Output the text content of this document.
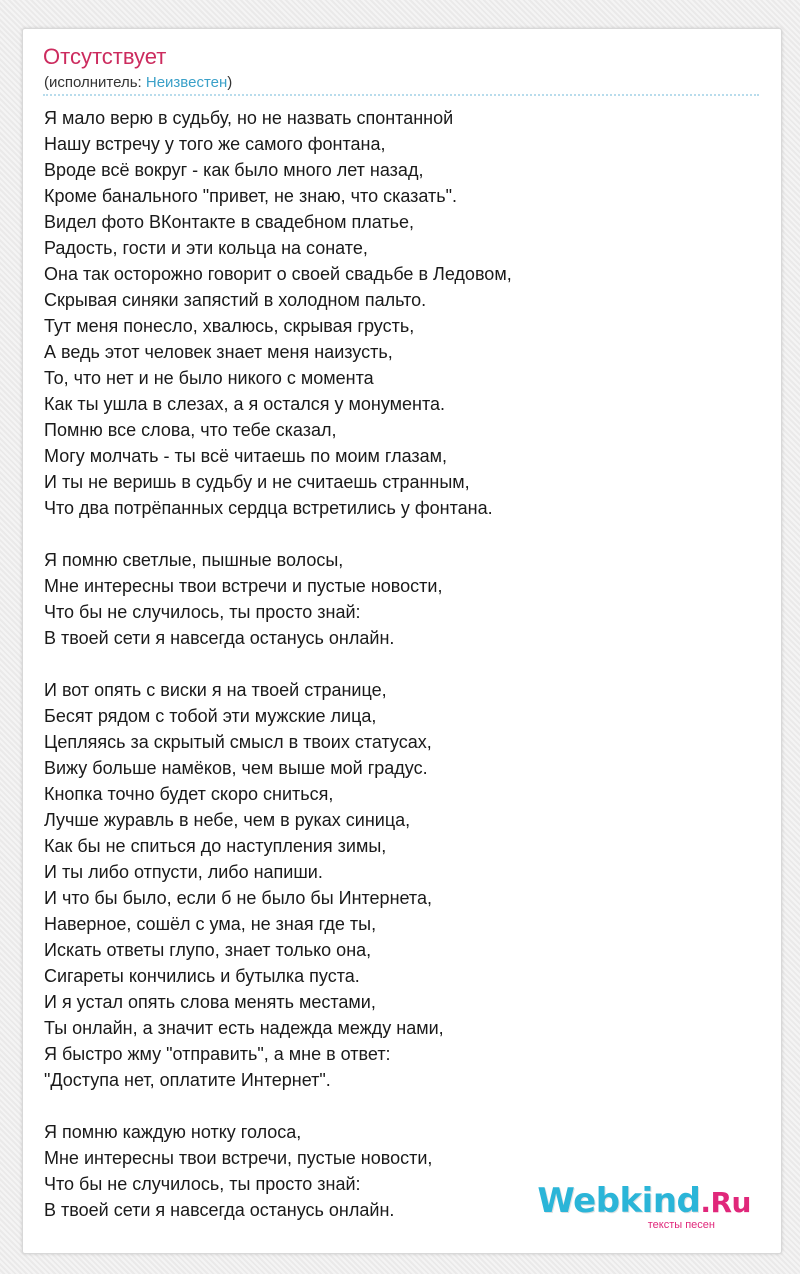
Отсутствует
(исполнитель: Неизвестен)
Я мало верю в судьбу, но не назвать спонтанной
Нашу встречу у того же самого фонтана,
Вроде всё вокруг - как было много лет назад,
Кроме банального "привет, не знаю, что сказать".
Видел фото ВКонтакте в свадебном платье,
Радость, гости и эти кольца на сонате,
Она так осторожно говорит о своей свадьбе в Ледовом,
Скрывая синяки запястий в холодном пальто.
Тут меня понесло, хвалюсь, скрывая грусть,
А ведь этот человек знает меня наизусть,
То, что нет и не было никого с момента
Как ты ушла в слезах, а я остался у монумента.
Помню все слова, что тебе сказал,
Могу молчать - ты всё читаешь по моим глазам,
И ты не веришь в судьбу и не считаешь странным,
Что два потрёпанных сердца встретились у фонтана.
Я помню светлые, пышные волосы,
Мне интересны твои встречи и пустые новости,
Что бы не случилось, ты просто знай:
В твоей сети я навсегда останусь онлайн.
И вот опять с виски я на твоей странице,
Бесят рядом с тобой эти мужские лица,
Цепляясь за скрытый смысл в твоих статусах,
Вижу больше намёков, чем выше мой градус.
Кнопка точно будет скоро сниться,
Лучше журавль в небе, чем в руках синица,
Как бы не спиться до наступления зимы,
И ты либо отпусти, либо напиши.
И что бы было, если б не было бы Интернета,
Наверное, сошёл с ума, не зная где ты,
Искать ответы глупо, знает только она,
Сигареты кончились и бутылка пуста.
И я устал опять слова менять местами,
Ты онлайн, а значит есть надежда между нами,
Я быстро жму "отправить", а мне в ответ:
"Доступа нет, оплатите Интернет".
Я помню каждую нотку голоса,
Мне интересны твои встречи, пустые новости,
Что бы не случилось, ты просто знай:
В твоей сети я навсегда останусь онлайн.	Webkind.Ru
тексты песен
